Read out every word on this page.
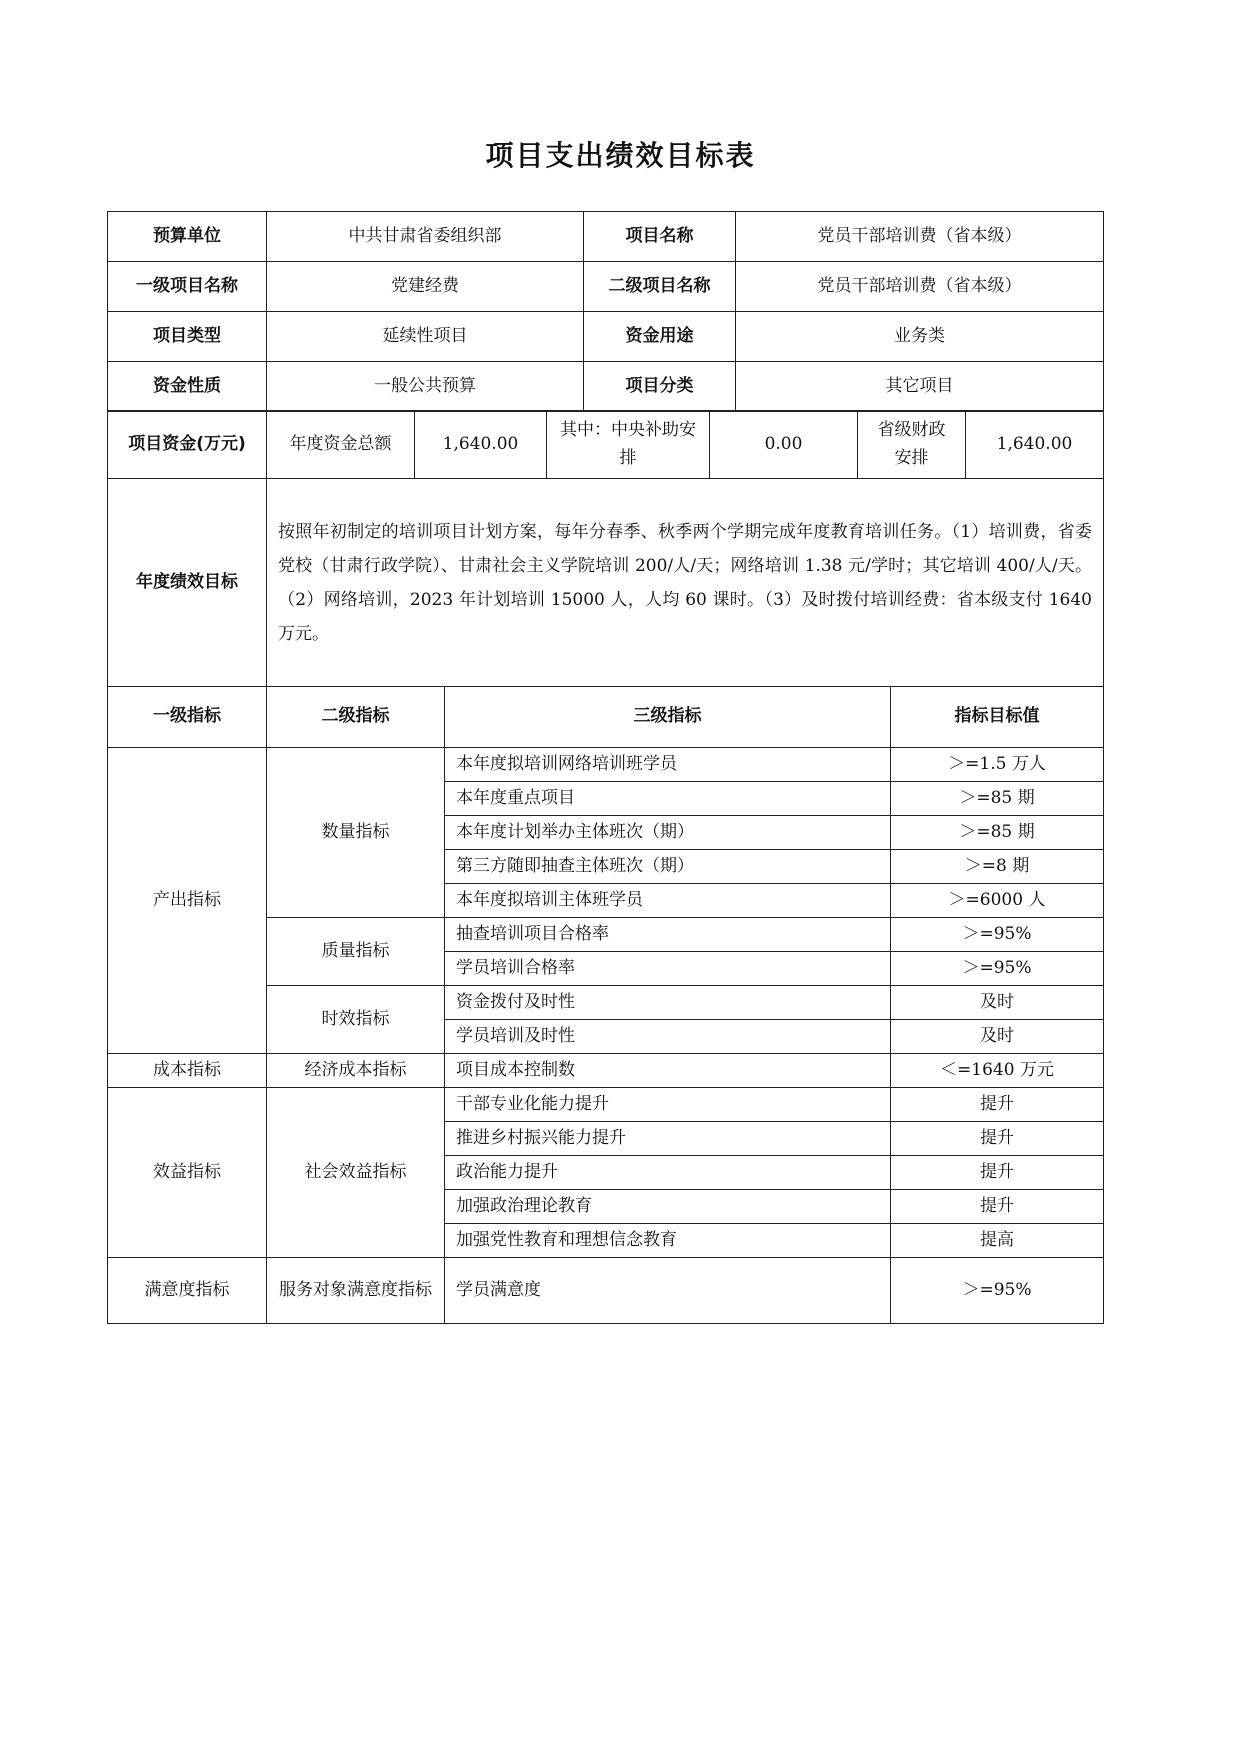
项目支出绩效目标表
预算单位	中共甘肃省委组织部	项目名称	党员干部培训费（省本级）
一级项目名称	党建经费	二级项目名称	党员干部培训费（省本级）
项目类型	延续性项目	资金用途	业务类
资金性质	一般公共预算	项目分类	其它项目
项目资金(万元)	年度资金总额	1,640.00	其中：中央补助安排	0.00	省级财政安排	1,640.00
年度绩效目标	按照年初制定的培训项目计划方案，每年分春季、秋季两个学期完成年度教育培训任务。（1）培训费，省委党校（甘肃行政学院）、甘肃社会主义学院培训 200/人/天；网络培训 1.38 元/学时；其它培训 400/人/天。（2）网络培训，2023 年计划培训 15000 人，人均 60 课时。（3）及时拨付培训经费：省本级支付 1640 万元。
一级指标	二级指标	三级指标	指标目标值
产出指标	数量指标	本年度拟培训网络培训班学员	＞=1.5 万人
		本年度重点项目	＞=85 期
		本年度计划举办主体班次（期）	＞=85 期
		第三方随即抽查主体班次（期）	＞=8 期
		本年度拟培训主体班学员	＞=6000 人
	质量指标	抽查培训项目合格率	＞=95%
		学员培训合格率	＞=95%
	时效指标	资金拨付及时性	及时
		学员培训及时性	及时
成本指标	经济成本指标	项目成本控制数	＜=1640 万元
效益指标	社会效益指标	干部专业化能力提升	提升
		推进乡村振兴能力提升	提升
		政治能力提升	提升
		加强政治理论教育	提升
		加强党性教育和理想信念教育	提高
满意度指标	服务对象满意度指标	学员满意度	＞=95%
